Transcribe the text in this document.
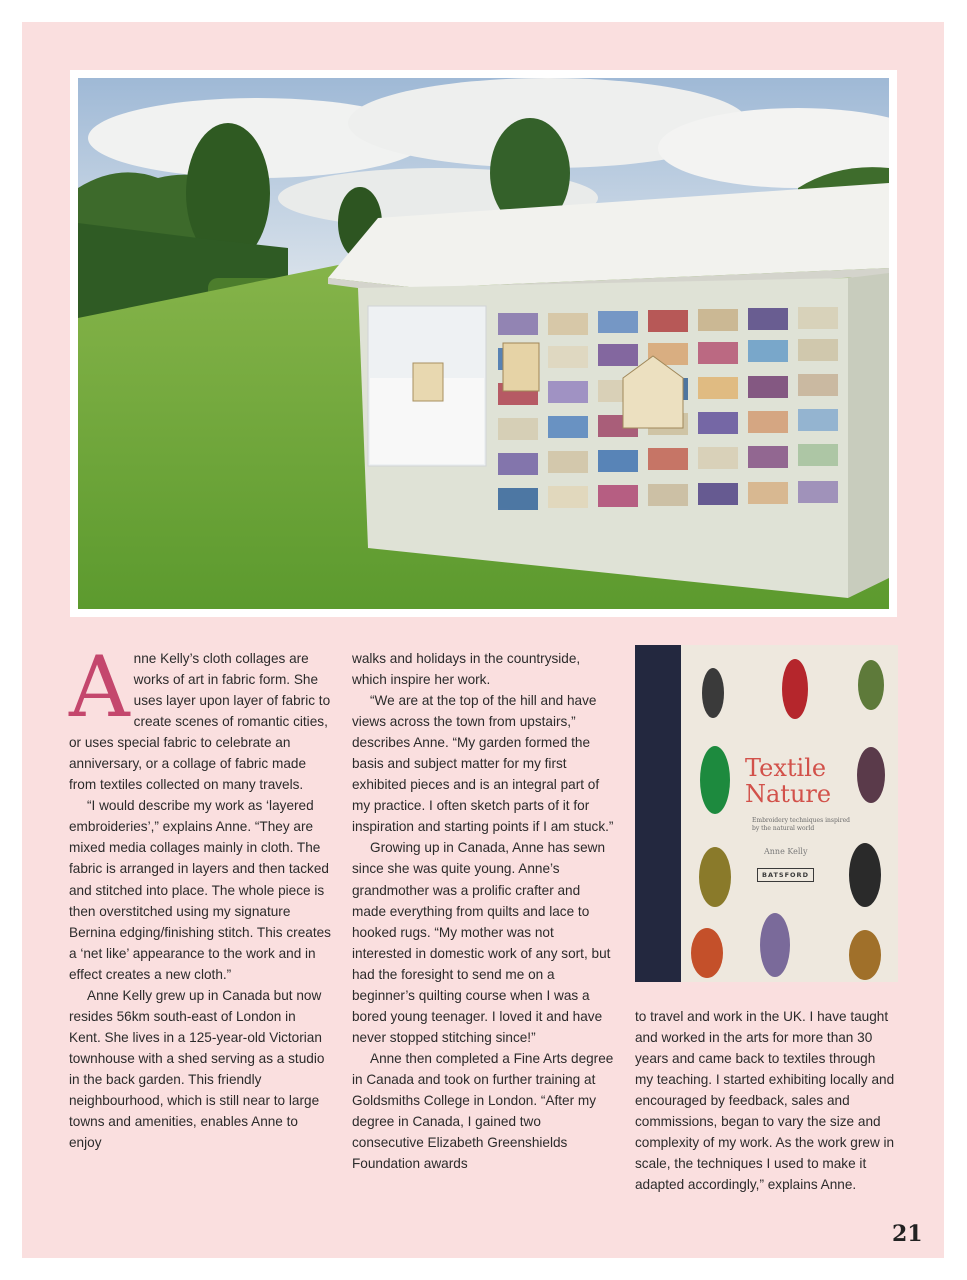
Anne Kelly’s cloth collages are works of art in fabric form. She uses layer upon layer of fabric to create scenes of romantic cities, or uses special fabric to celebrate an anniversary, or a collage of fabric made from textiles collected on many travels.

“I would describe my work as ‘layered embroideries’,” explains Anne. “They are mixed media collages mainly in cloth. The fabric is arranged in layers and then tacked and stitched into place. The whole piece is then overstitched using my signature Bernina edging/finishing stitch. This creates a ‘net like’ appearance to the work and in effect creates a new cloth.”

Anne Kelly grew up in Canada but now resides 56km south-east of London in Kent. She lives in a 125-year-old Victorian townhouse with a shed serving as a studio in the back garden. This friendly neighbourhood, which is still near to large towns and amenities, enables Anne to enjoy

walks and holidays in the countryside, which inspire her work.

“We are at the top of the hill and have views across the town from upstairs,” describes Anne. “My garden formed the basis and subject matter for my first exhibited pieces and is an integral part of my practice. I often sketch parts of it for inspiration and starting points if I am stuck.”

Growing up in Canada, Anne has sewn since she was quite young. Anne’s grandmother was a prolific crafter and made everything from quilts and lace to hooked rugs. “My mother was not interested in domestic work of any sort, but had the foresight to send me on a beginner’s quilting course when I was a bored young teenager. I loved it and have never stopped stitching since!”

Anne then completed a Fine Arts degree in Canada and took on further training at Goldsmiths College in London. “After my degree in Canada, I gained two consecutive Elizabeth Greenshields Foundation awards

Textile
Nature
Embroidery techniques inspired by the natural world
Anne Kelly
BATSFORD

to travel and work in the UK. I have taught and worked in the arts for more than 30 years and came back to textiles through my teaching. I started exhibiting locally and encouraged by feedback, sales and commissions, began to vary the size and complexity of my work. As the work grew in scale, the techniques I used to make it adapted accordingly,” explains Anne.

21
